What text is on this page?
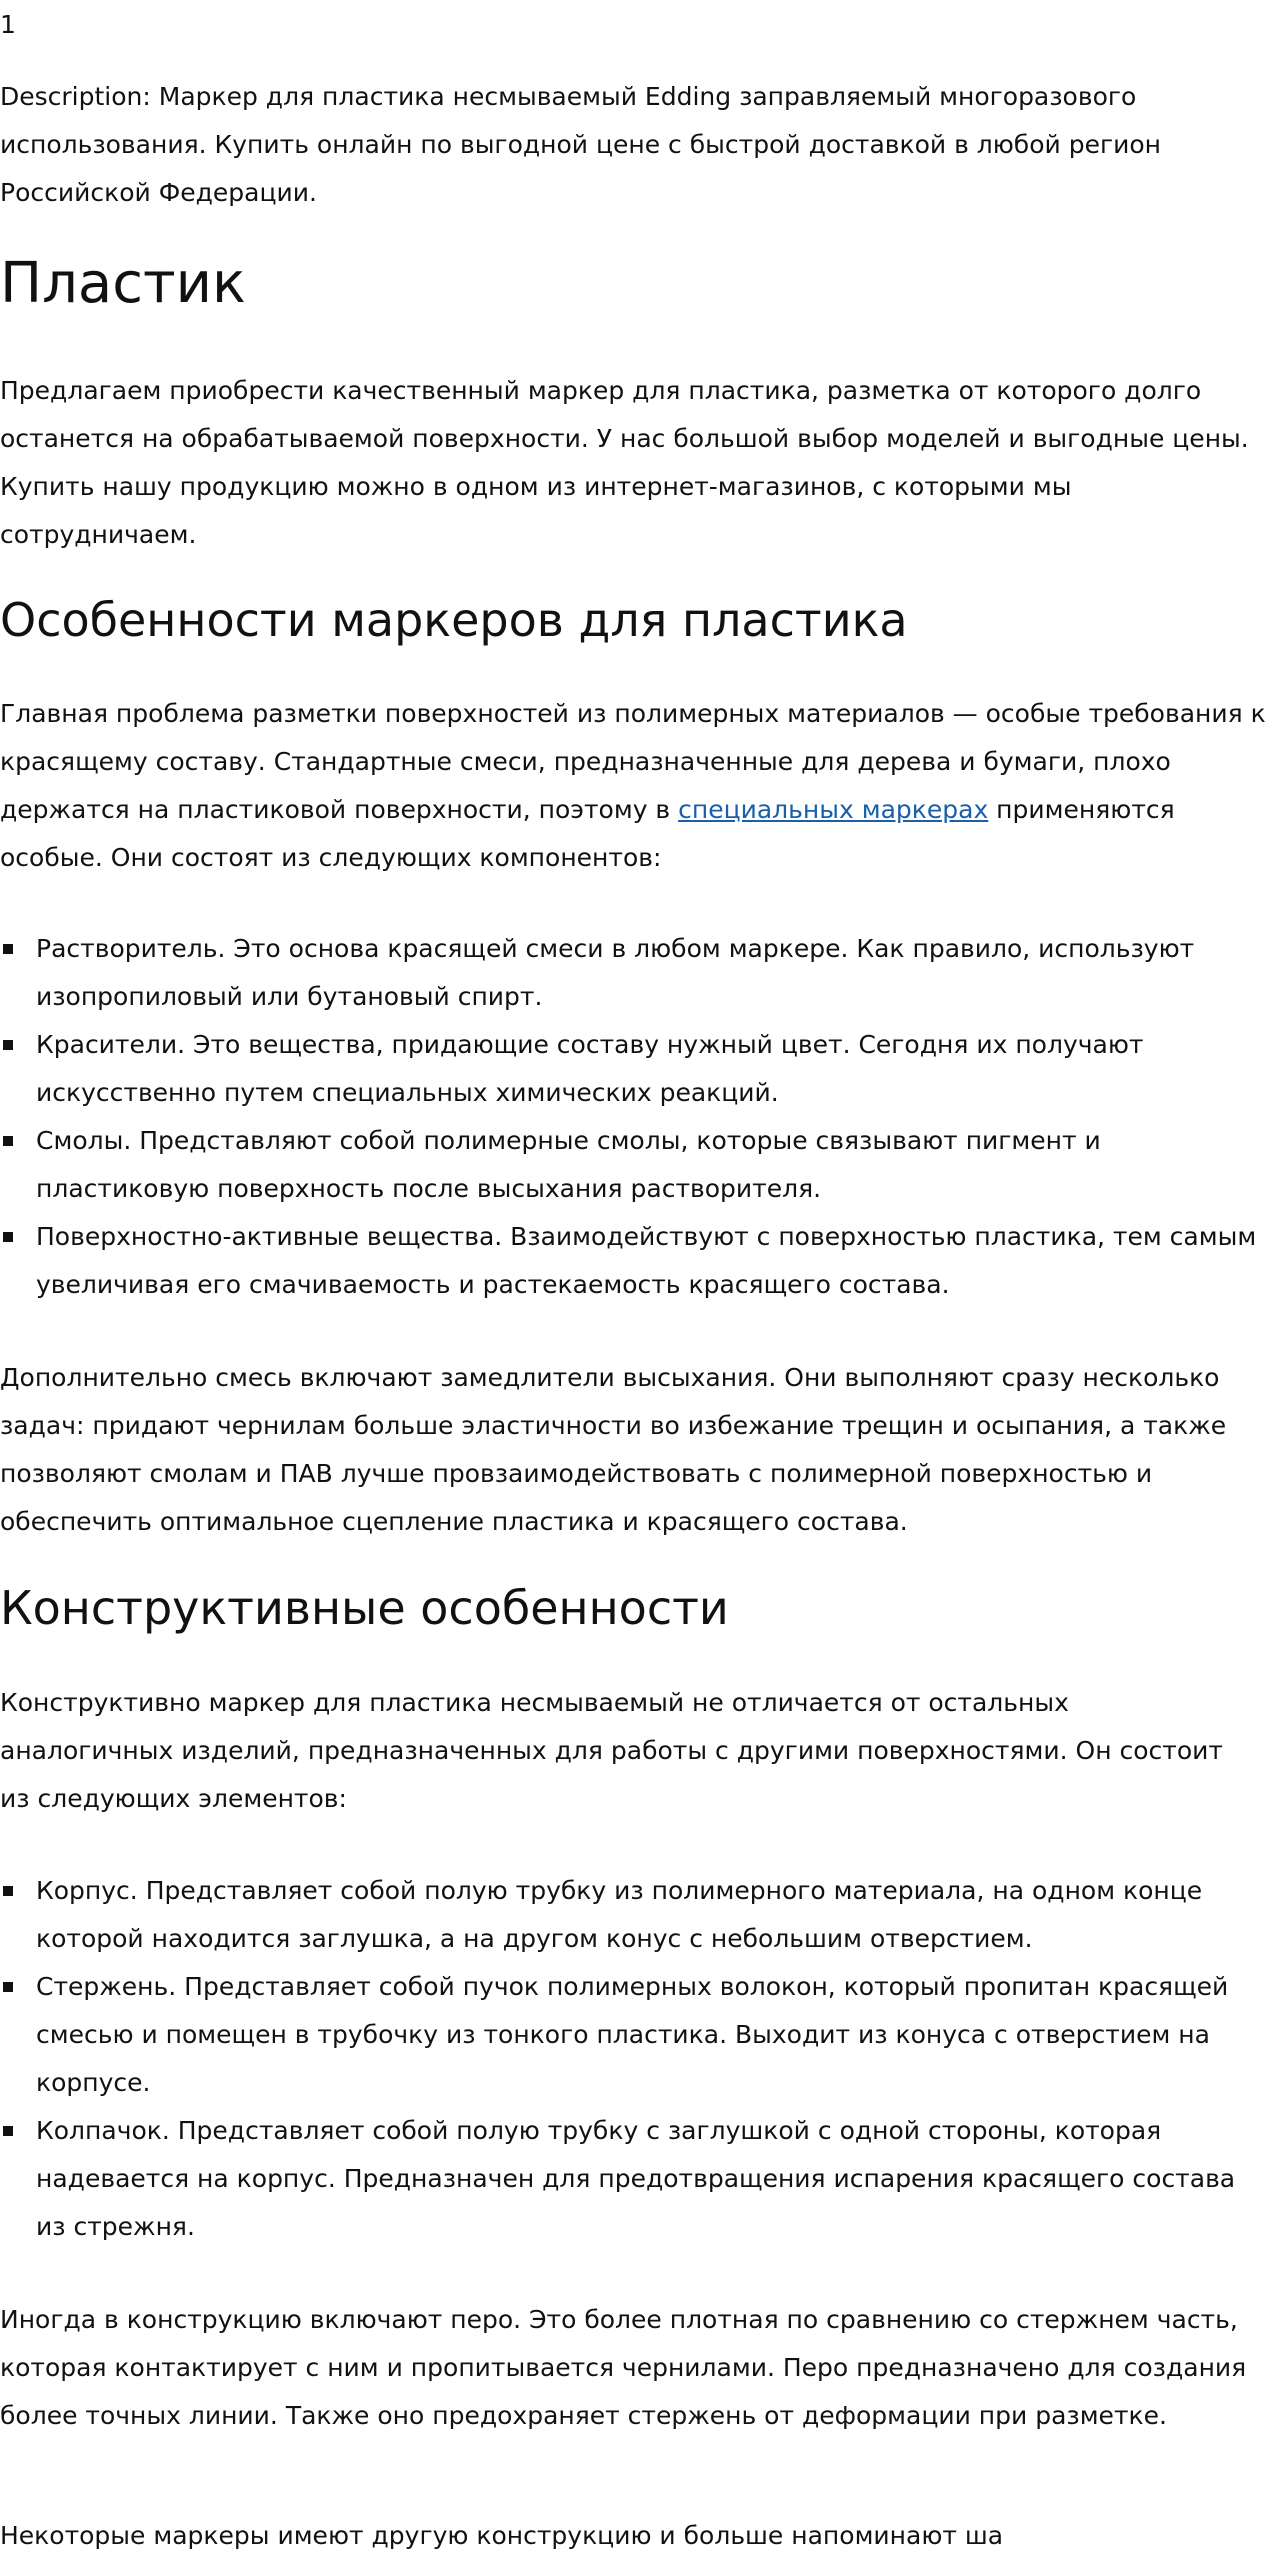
1

Description: Маркер для пластика несмываемый Edding заправляемый многоразового использования. Купить онлайн по выгодной цене с быстрой доставкой в любой регион Российской Федерации.

Пластик

Предлагаем приобрести качественный маркер для пластика, разметка от которого долго останется на обрабатываемой поверхности. У нас большой выбор моделей и выгодные цены. Купить нашу продукцию можно в одном из интернет-магазинов, с которыми мы сотрудничаем.

Особенности маркеров для пластика

Главная проблема разметки поверхностей из полимерных материалов — особые требования к красящему составу. Стандартные смеси, предназначенные для дерева и бумаги, плохо держатся на пластиковой поверхности, поэтому в специальных маркерах применяются особые. Они состоят из следующих компонентов:

Растворитель. Это основа красящей смеси в любом маркере. Как правило, используют изопропиловый или бутановый спирт.
Красители. Это вещества, придающие составу нужный цвет. Сегодня их получают искусственно путем специальных химических реакций.
Смолы. Представляют собой полимерные смолы, которые связывают пигмент и пластиковую поверхность после высыхания растворителя.
Поверхностно-активные вещества. Взаимодействуют с поверхностью пластика, тем самым увеличивая его смачиваемость и растекаемость красящего состава.

Дополнительно смесь включают замедлители высыхания. Они выполняют сразу несколько задач: придают чернилам больше эластичности во избежание трещин и осыпания, а также позволяют смолам и ПАВ лучше провзаимодействовать с полимерной поверхностью и обеспечить оптимальное сцепление пластика и красящего состава.

Конструктивные особенности

Конструктивно маркер для пластика несмываемый не отличается от остальных аналогичных изделий, предназначенных для работы с другими поверхностями. Он состоит из следующих элементов:

Корпус. Представляет собой полую трубку из полимерного материала, на одном конце которой находится заглушка, а на другом конус с небольшим отверстием.
Стержень. Представляет собой пучок полимерных волокон, который пропитан красящей смесью и помещен в трубочку из тонкого пластика. Выходит из конуса с отверстием на корпусе.
Колпачок. Представляет собой полую трубку с заглушкой с одной стороны, которая надевается на корпус. Предназначен для предотвращения испарения красящего состава из стрежня.

Иногда в конструкцию включают перо. Это более плотная по сравнению со стержнем часть, которая контактирует с ним и пропитывается чернилами. Перо предназначено для создания более точных линии. Также оно предохраняет стержень от деформации при разметке.

Некоторые маркеры имеют другую конструкцию и больше напоминают ша
